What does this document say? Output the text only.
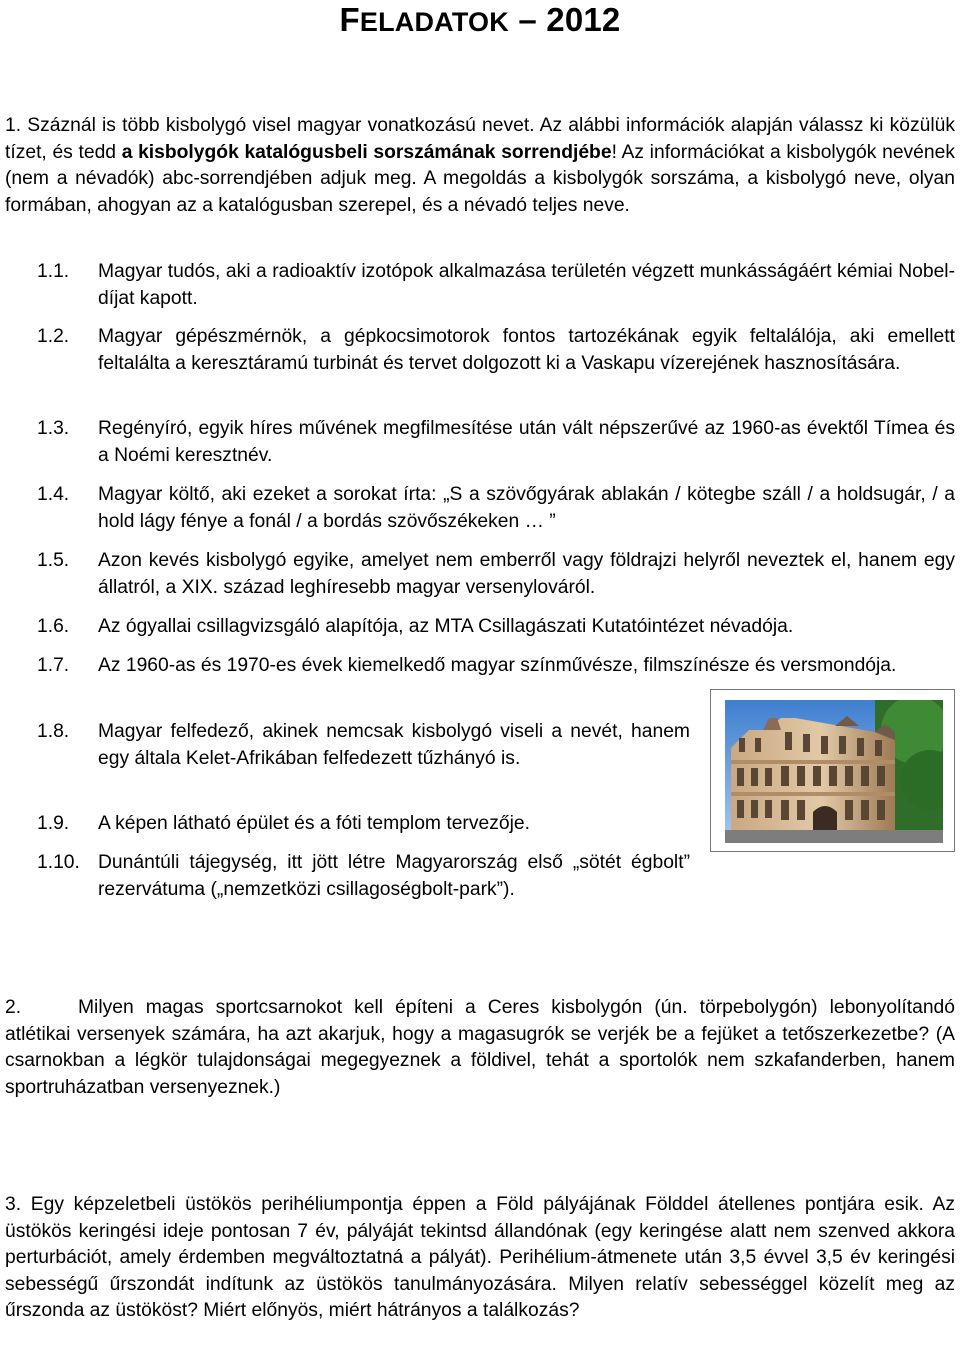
FELADATOK – 2012
1. Száznál is több kisbolygó visel magyar vonatkozású nevet. Az alábbi információk alapján válassz ki közülük tízet, és tedd a kisbolygók katalógusbeli sorszámának sorrendjébe! Az információkat a kisbolygók nevének (nem a névadók) abc-sorrendjében adjuk meg. A megoldás a kisbolygók sorszáma, a kisbolygó neve, olyan formában, ahogyan az a katalógusban szerepel, és a névadó teljes neve.
1.1.	Magyar tudós, aki a radioaktív izotópok alkalmazása területén végzett munkásságáért kémiai Nobel-díjat kapott.
1.2.	Magyar gépészmérnök, a gépkocsimotorok fontos tartozékának egyik feltalálója, aki emellett feltalálta a keresztáramú turbinát és tervet dolgozott ki a Vaskapu vízerejének hasznosítására.
1.3.	Regényíró, egyik híres művének megfilmesítése után vált népszerűvé az 1960-as évektől Tímea és a Noémi keresztnév.
1.4.	Magyar költő, aki ezeket a sorokat írta: „S a szövőgyárak ablakán / kötegbe száll / a holdsugár, / a hold lágy fénye a fonál / a bordás szövőszékeken … ”
1.5.	Azon kevés kisbolygó egyike, amelyet nem emberről vagy földrajzi helyről neveztek el, hanem egy állatról, a XIX. század leghíresebb magyar versenylováról.
1.6.	Az ógyallai csillagvizsgáló alapítója, az MTA Csillagászati Kutatóintézet névadója.
1.7.	Az 1960-as és 1970-es évek kiemelkedő magyar színművésze, filmszínésze és versmondója.
1.8.	Magyar felfedező, akinek nemcsak kisbolygó viseli a nevét, hanem egy általa Kelet-Afrikában felfedezett tűzhányó is.
1.9.	A képen látható épület és a fóti templom tervezője.
1.10. Dunántúli tájegység, itt jött létre Magyarország első „sötét égbolt” rezervátuma („nemzetközi csillagoségbolt-park”).
2.	Milyen magas sportcsarnokot kell építeni a Ceres kisbolygón (ún. törpebolygón) lebonyolítandó atlétikai versenyek számára, ha azt akarjuk, hogy a magasugrók se verjék be a fejüket a tetőszerkezetbe? (A csarnokban a légkör tulajdonságai megegyeznek a földivel, tehát a sportolók nem szkafanderben, hanem sportruházatban versenyeznek.)
3. Egy képzeletbeli üstökös perihéliumpontja éppen a Föld pályájának Földdel átellenes pontjára esik. Az üstökös keringési ideje pontosan 7 év, pályáját tekintsd állandónak (egy keringése alatt nem szenved akkora perturbációt, amely érdemben megváltoztatná a pályát). Perihélium-átmenete után 3,5 évvel 3,5 év keringési sebességű űrszondát indítunk az üstökös tanulmányozására. Milyen relatív sebességgel közelít meg az űrszonda az üstököst? Miért előnyös, miért hátrányos a találkozás?
